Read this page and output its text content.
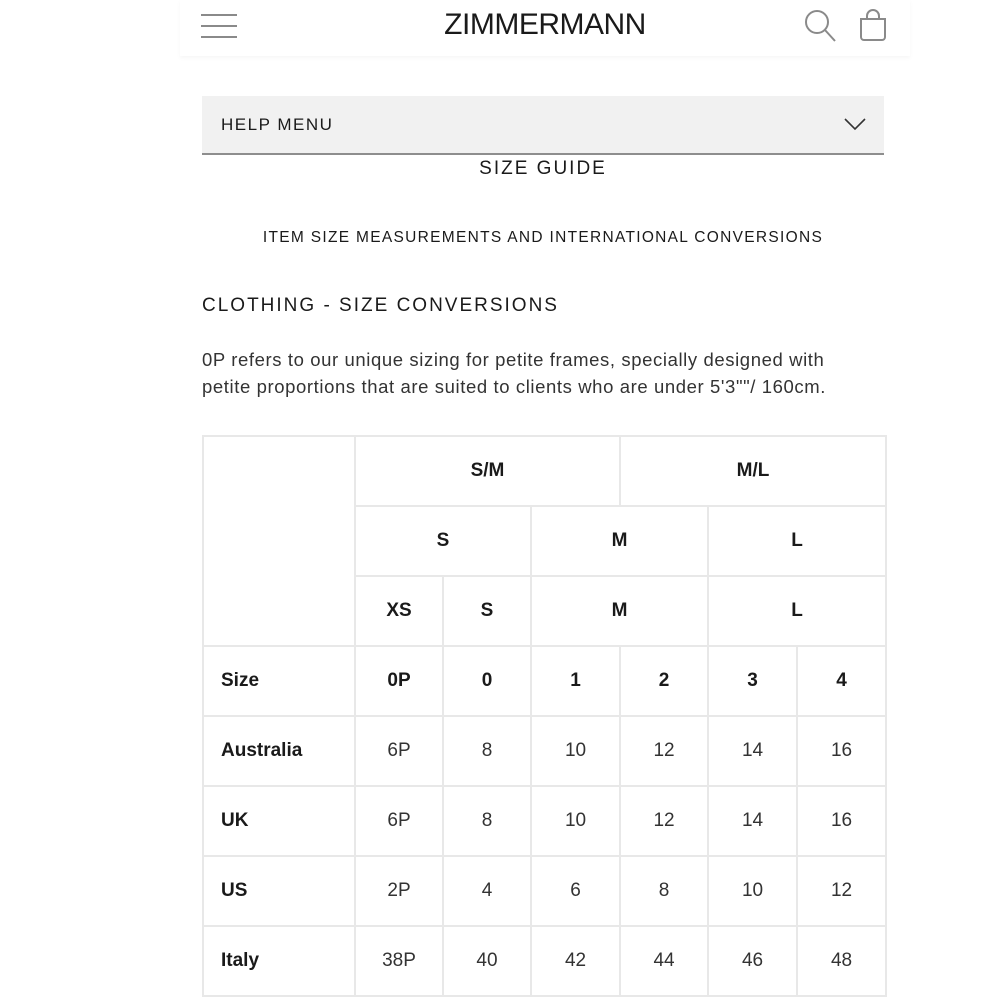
ZIMMERMANN
HELP MENU
SIZE GUIDE
ITEM SIZE MEASUREMENTS AND INTERNATIONAL CONVERSIONS
CLOTHING - SIZE CONVERSIONS
0P refers to our unique sizing for petite frames, specially designed with
petite proportions that are suited to clients who are under 5'3""/ 160cm.
	S/M			M/L		
	S		M		L	
	XS	S	M		L	
Size	0P	0	1	2	3	4
Australia	6P	8	10	12	14	16
UK	6P	8	10	12	14	16
US	2P	4	6	8	10	12
Italy	38P	40	42	44	46	48
